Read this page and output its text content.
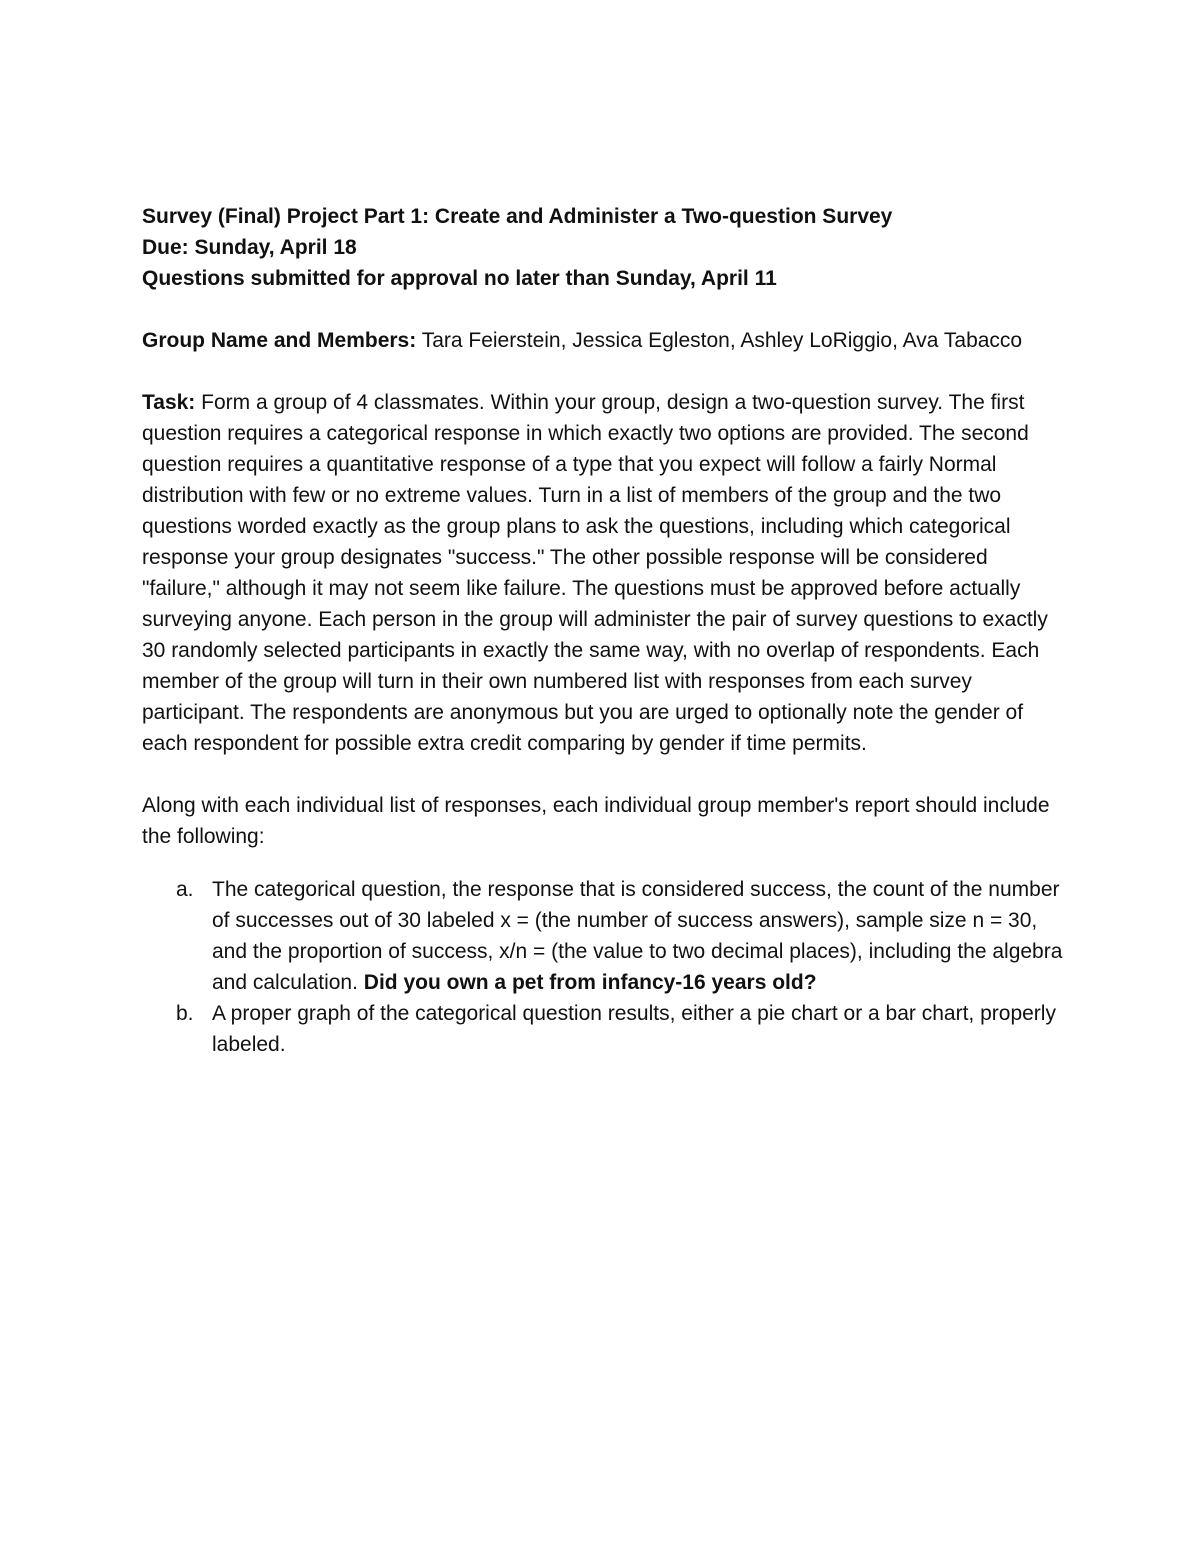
Survey (Final) Project Part 1: Create and Administer a Two-question Survey

Due: Sunday, April 18

Questions submitted for approval no later than Sunday, April 11

Group Name and Members: Tara Feierstein, Jessica Egleston, Ashley LoRiggio, Ava Tabacco

Task: Form a group of 4 classmates. Within your group, design a two-question survey. The first question requires a categorical response in which exactly two options are provided. The second question requires a quantitative response of a type that you expect will follow a fairly Normal distribution with few or no extreme values. Turn in a list of members of the group and the two questions worded exactly as the group plans to ask the questions, including which categorical response your group designates "success." The other possible response will be considered "failure," although it may not seem like failure. The questions must be approved before actually surveying anyone. Each person in the group will administer the pair of survey questions to exactly 30 randomly selected participants in exactly the same way, with no overlap of respondents. Each member of the group will turn in their own numbered list with responses from each survey participant. The respondents are anonymous but you are urged to optionally note the gender of each respondent for possible extra credit comparing by gender if time permits.

Along with each individual list of responses, each individual group member's report should include the following:

a. The categorical question, the response that is considered success, the count of the number of successes out of 30 labeled x = (the number of success answers), sample size n = 30, and the proportion of success, x/n = (the value to two decimal places), including the algebra and calculation. Did you own a pet from infancy-16 years old?
b. A proper graph of the categorical question results, either a pie chart or a bar chart, properly labeled.
